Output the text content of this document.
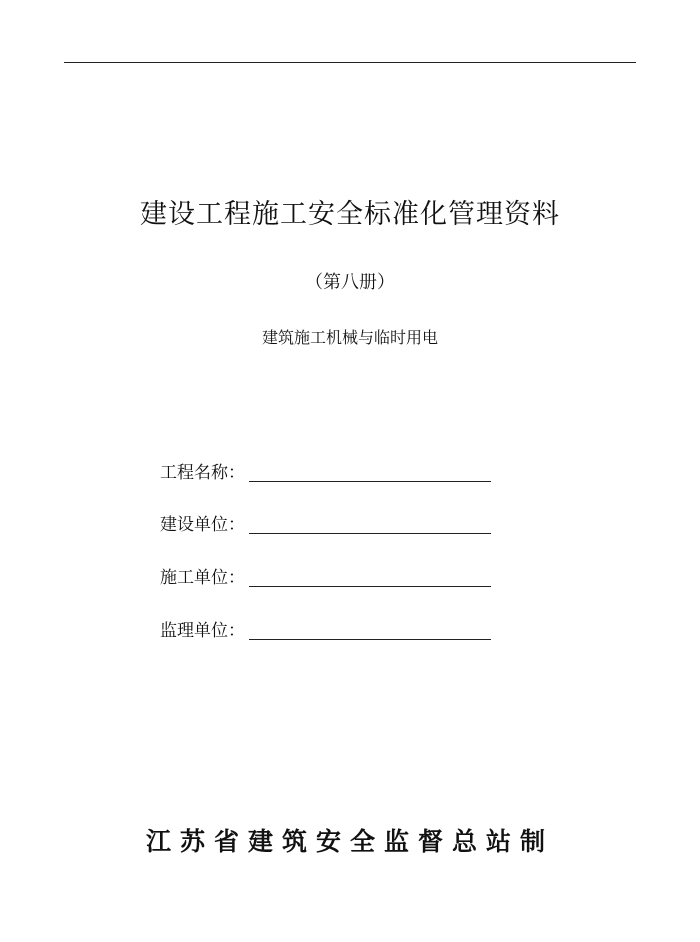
建设工程施工安全标准化管理资料
（第八册）
建筑施工机械与临时用电
工程名称：
建设单位：
施工单位：
监理单位：
江苏省建筑安全监督总站制
